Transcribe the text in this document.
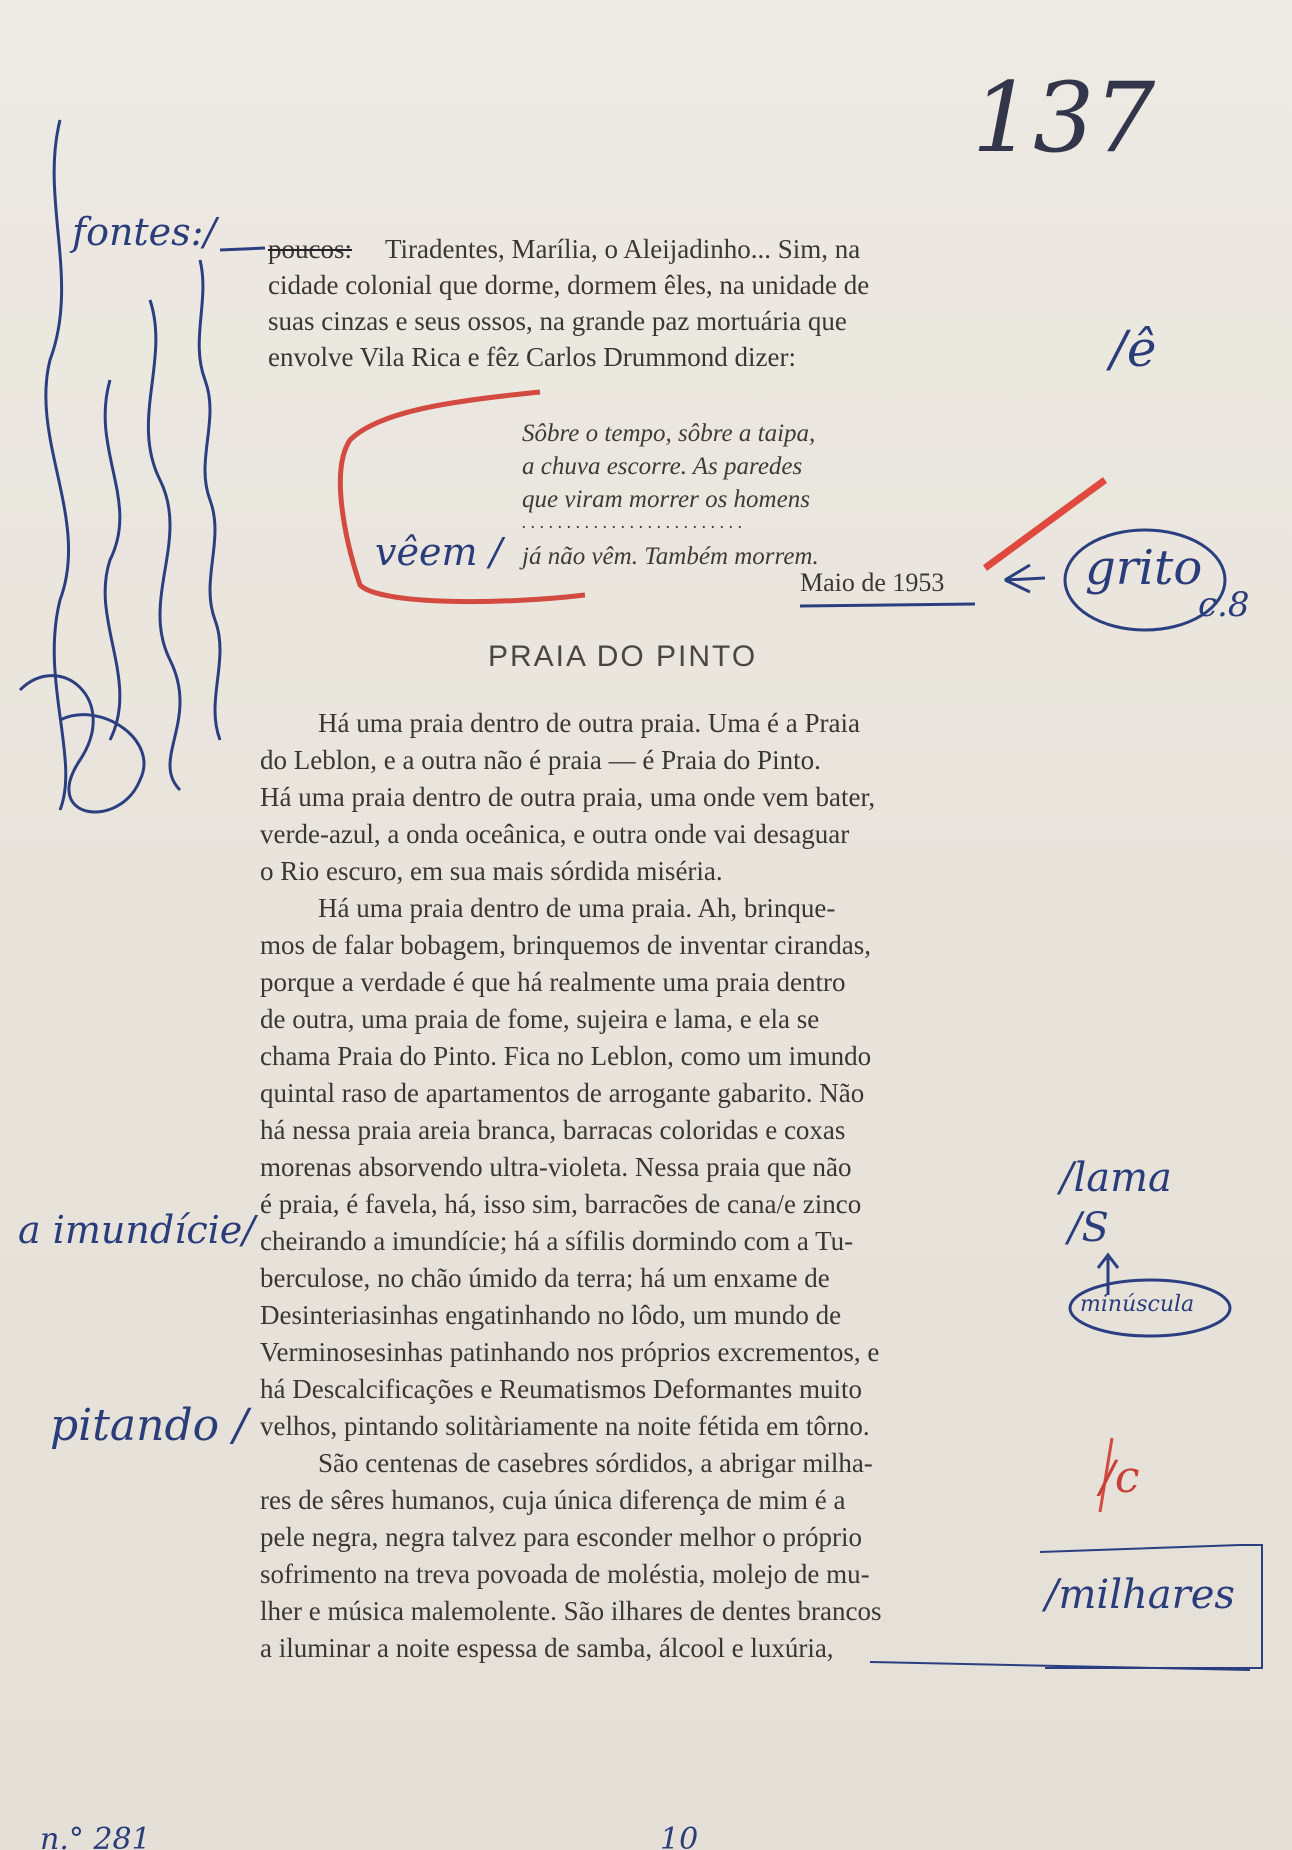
137
fontes:/
/ê
vêem /	grito
c.8
a imundície/
/lama
/S
minúscula
pitando /
/c
/milhares
n.° 281	10
poucos: Tiradentes, Marília, o Aleijadinho... Sim, na
cidade colonial que dorme, dormem êles, na unidade de
suas cinzas e seus ossos, na grande paz mortuária que
envolve Vila Rica e fêz Carlos Drummond dizer:
Sôbre o tempo, sôbre a taipa,
a chuva escorre. As paredes
que viram morrer os homens
. . . . . . . . . . . . . . . . . . . . . . . . .
já não vêm. Também morrem.
Maio de 1953
PRAIA DO PINTO
Há uma praia dentro de outra praia. Uma é a Praia
do Leblon, e a outra não é praia — é Praia do Pinto.
Há uma praia dentro de outra praia, uma onde vem bater,
verde-azul, a onda oceânica, e outra onde vai desaguar
o Rio escuro, em sua mais sórdida miséria.
Há uma praia dentro de uma praia. Ah, brinque-
mos de falar bobagem, brinquemos de inventar cirandas,
porque a verdade é que há realmente uma praia dentro
de outra, uma praia de fome, sujeira e lama, e ela se
chama Praia do Pinto. Fica no Leblon, como um imundo
quintal raso de apartamentos de arrogante gabarito. Não
há nessa praia areia branca, barracas coloridas e coxas
morenas absorvendo ultra-violeta. Nessa praia que não
é praia, é favela, há, isso sim, barracões de cana/e zinco
cheirando a imundície; há a sífilis dormindo com a Tu-
berculose, no chão úmido da terra; há um enxame de
Desinteriasinhas engatinhando no lôdo, um mundo de
Verminosesinhas patinhando nos próprios excrementos, e
há Descalcificações e Reumatismos Deformantes muito
velhos, pintando solitàriamente na noite fétida em tôrno.
São centenas de casebres sórdidos, a abrigar milha-
res de sêres humanos, cuja única diferença de mim é a
pele negra, negra talvez para esconder melhor o próprio
sofrimento na treva povoada de moléstia, molejo de mu-
lher e música malemolente. São ilhares de dentes brancos
a iluminar a noite espessa de samba, álcool e luxúria,
